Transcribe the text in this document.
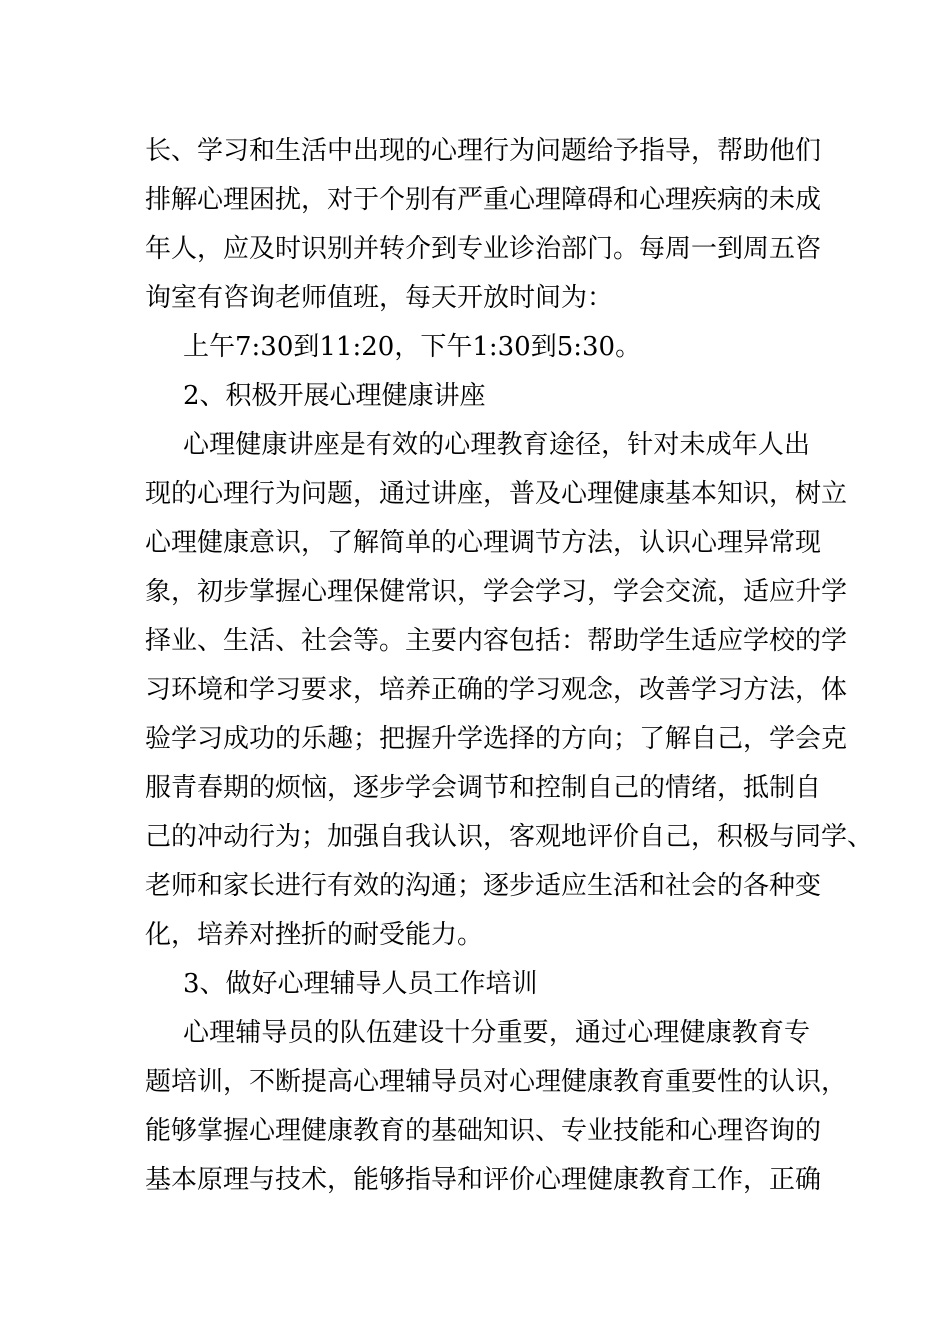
长、学习和生活中出现的心理行为问题给予指导，帮助他们
排解心理困扰，对于个别有严重心理障碍和心理疾病的未成
年人，应及时识别并转介到专业诊治部门。每周一到周五咨
询室有咨询老师值班，每天开放时间为：
上午7:30到11:20，下午1:30到5:30。
2、积极开展心理健康讲座
心理健康讲座是有效的心理教育途径，针对未成年人出
现的心理行为问题，通过讲座，普及心理健康基本知识，树立
心理健康意识，了解简单的心理调节方法，认识心理异常现
象，初步掌握心理保健常识，学会学习，学会交流，适应升学
择业、生活、社会等。主要内容包括：帮助学生适应学校的学
习环境和学习要求，培养正确的学习观念，改善学习方法，体
验学习成功的乐趣；把握升学选择的方向；了解自己，学会克
服青春期的烦恼，逐步学会调节和控制自己的情绪，抵制自
己的冲动行为；加强自我认识，客观地评价自己，积极与同学、
老师和家长进行有效的沟通；逐步适应生活和社会的各种变
化，培养对挫折的耐受能力。
3、做好心理辅导人员工作培训
心理辅导员的队伍建设十分重要，通过心理健康教育专
题培训，不断提高心理辅导员对心理健康教育重要性的认识，
能够掌握心理健康教育的基础知识、专业技能和心理咨询的
基本原理与技术，能够指导和评价心理健康教育工作，正确
